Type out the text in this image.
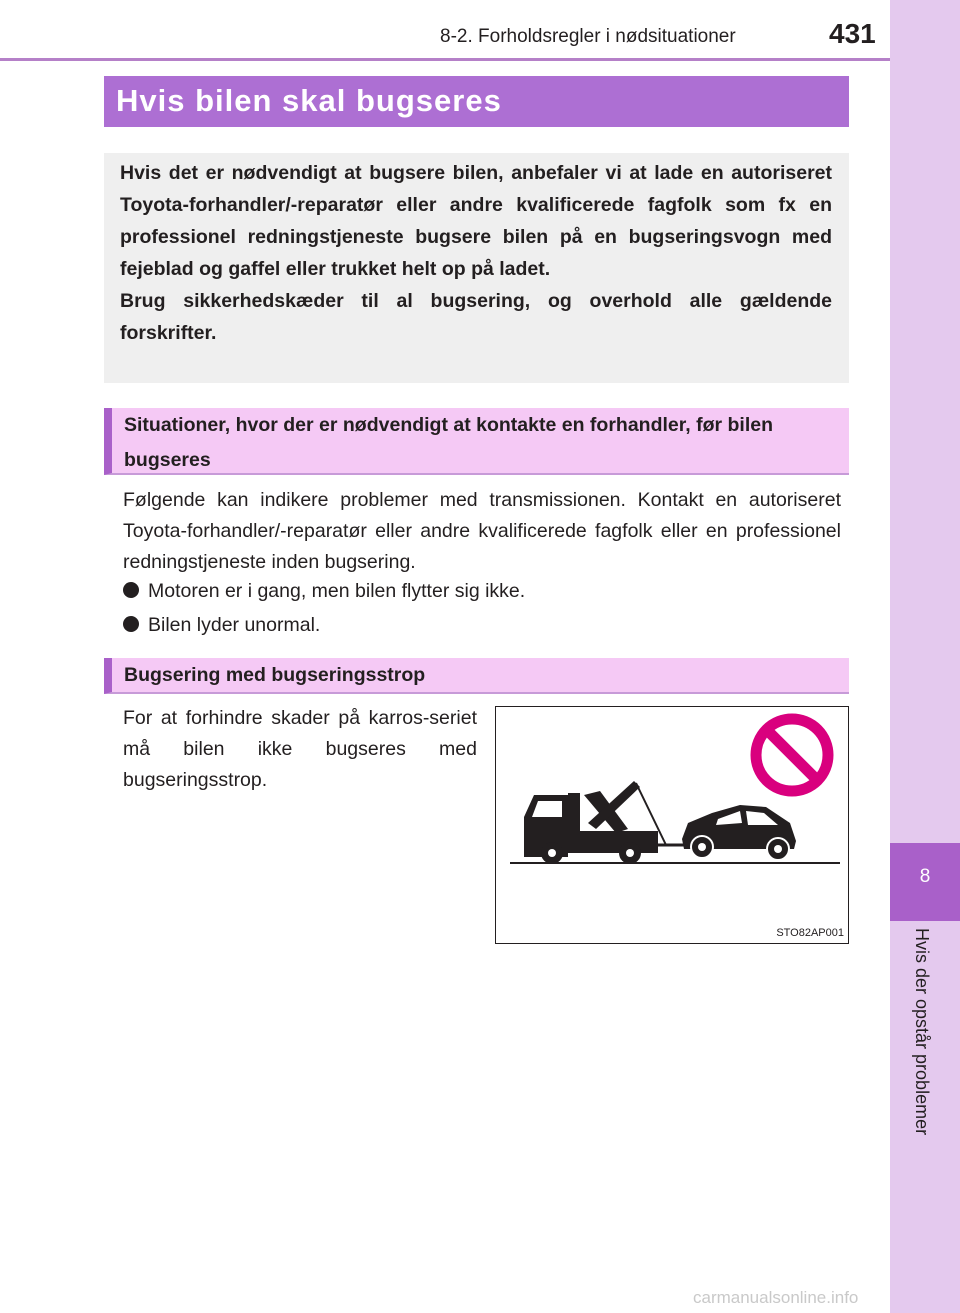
8-2. Forholdsregler i nødsituationer	431
8
Hvis der opstår problemer
Hvis bilen skal bugseres

Hvis det er nødvendigt at bugsere bilen, anbefaler vi at lade en autoriseret Toyota-forhandler/-reparatør eller andre kvalificerede fagfolk som fx en professionel redningstjeneste bugsere bilen på en bugseringsvogn med fejeblad og gaffel eller trukket helt op på ladet.

Brug sikkerhedskæder til al bugsering, og overhold alle gældende forskrifter.

Situationer, hvor der er nødvendigt at kontakte en forhandler, før bilen bugseres
Følgende kan indikere problemer med transmissionen. Kontakt en autoriseret Toyota-forhandler/-reparatør eller andre kvalificerede fagfolk eller en professionel redningstjeneste inden bugsering.
Motoren er i gang, men bilen flytter sig ikke.
Bilen lyder unormal.
Bugsering med bugseringsstrop
For at forhindre skader på karros-seriet må bilen ikke bugseres med bugseringsstrop.
STO82AP001
carmanualsonline.info
